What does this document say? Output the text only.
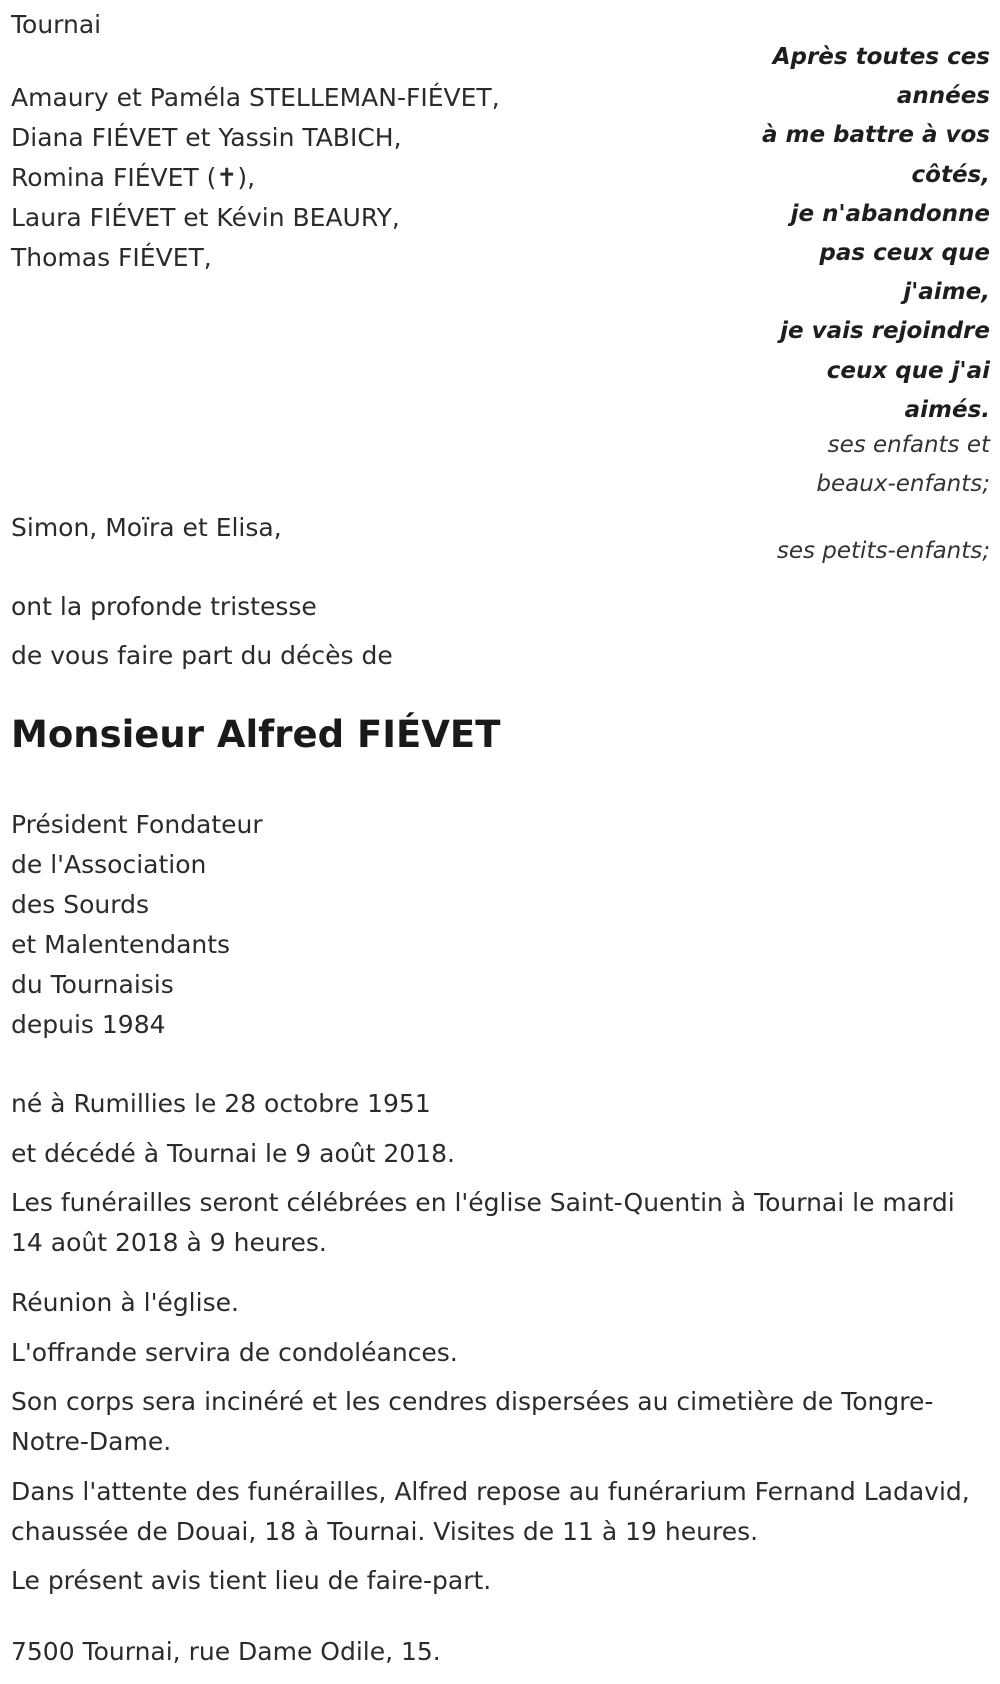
Tournai

Amaury et Paméla STELLEMAN-FIÉVET,
Diana FIÉVET et Yassin TABICH,
Romina FIÉVET (✝),
Laura FIÉVET et Kévin BEAURY,
Thomas FIÉVET,
Après toutes ces
années
à me battre à vos
côtés,
je n'abandonne
pas ceux que
j'aime,
je vais rejoindre
ceux que j'ai
aimés.
ses enfants et
beaux-enfants;

Simon, Moïra et Elisa,

ses petits-enfants;

ont la profonde tristesse

de vous faire part du décès de

Monsieur Alfred FIÉVET
Président Fondateur
de l'Association
des Sourds
et Malentendants
du Tournaisis
depuis 1984

né à Rumillies le 28 octobre 1951

et décédé à Tournai le 9 août 2018.

Les funérailles seront célébrées en l'église Saint-Quentin à Tournai le mardi 14 août 2018 à 9 heures.

Réunion à l'église.

L'offrande servira de condoléances.

Son corps sera incinéré et les cendres dispersées au cimetière de Tongre-Notre-Dame.

Dans l'attente des funérailles, Alfred repose au funérarium Fernand Ladavid, chaussée de Douai, 18 à Tournai. Visites de 11 à 19 heures.

Le présent avis tient lieu de faire-part.

7500 Tournai, rue Dame Odile, 15.
